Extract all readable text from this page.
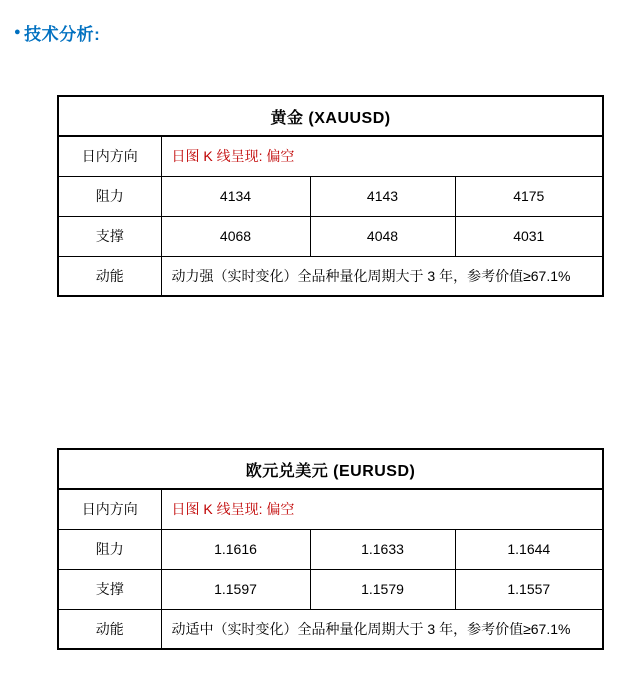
● 技术分析:
黄金 (XAUUSD)			
日内方向	日图 K 线呈现: 偏空		
阻力	4134	4143	4175
支撑	4068	4048	4031
动能	动力强（实时变化）全品种量化周期大于 3 年，参考价值≥67.1%		
欧元兑美元 (EURUSD)			
日内方向	日图 K 线呈现: 偏空		
阻力	1.1616	1.1633	1.1644
支撑	1.1597	1.1579	1.1557
动能	动适中（实时变化）全品种量化周期大于 3 年，参考价值≥67.1%		
